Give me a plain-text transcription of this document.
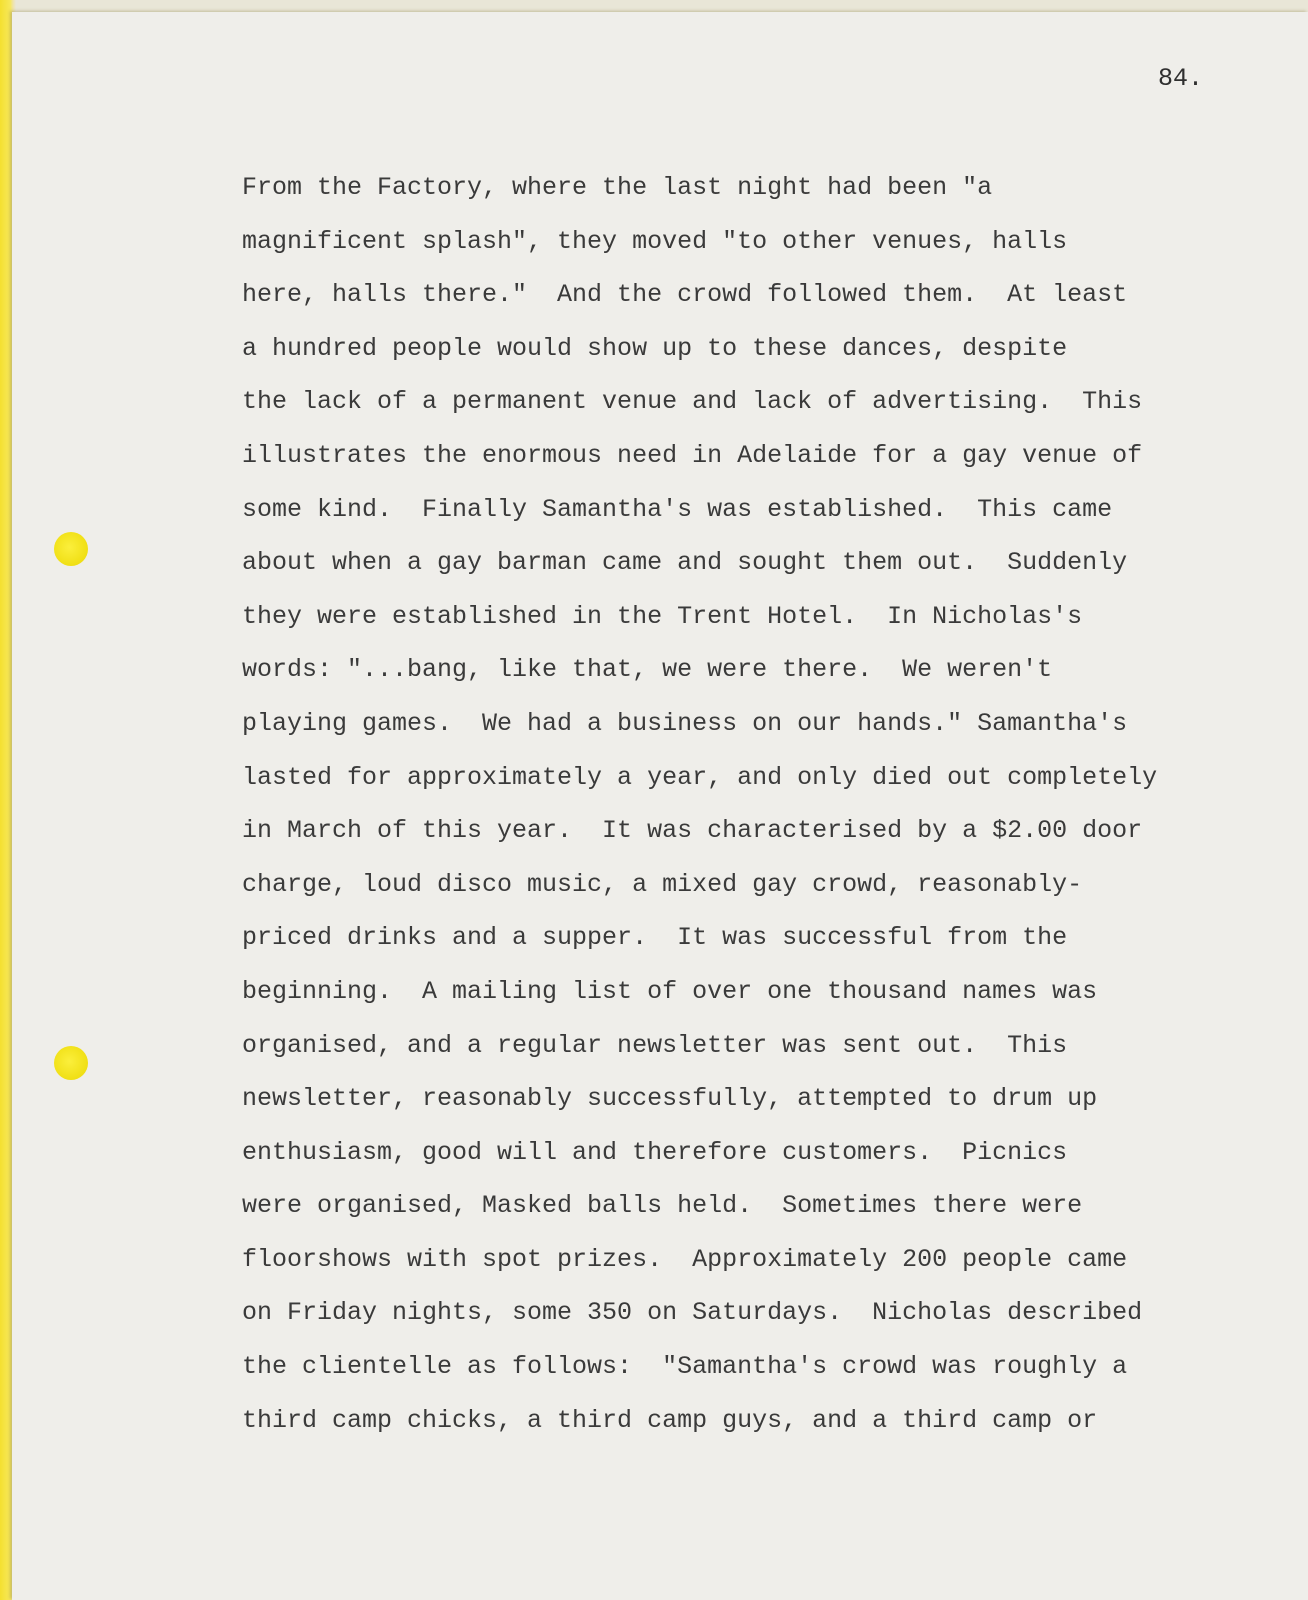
84.

From the Factory, where the last night had been "a
magnificent splash", they moved "to other venues, halls
here, halls there."  And the crowd followed them.  At least
a hundred people would show up to these dances, despite
the lack of a permanent venue and lack of advertising.  This
illustrates the enormous need in Adelaide for a gay venue of
some kind.  Finally Samantha's was established.  This came
about when a gay barman came and sought them out.  Suddenly
they were established in the Trent Hotel.  In Nicholas's
words: "...bang, like that, we were there.  We weren't
playing games.  We had a business on our hands." Samantha's
lasted for approximately a year, and only died out completely
in March of this year.  It was characterised by a $2.00 door
charge, loud disco music, a mixed gay crowd, reasonably-
priced drinks and a supper.  It was successful from the
beginning.  A mailing list of over one thousand names was
organised, and a regular newsletter was sent out.  This
newsletter, reasonably successfully, attempted to drum up
enthusiasm, good will and therefore customers.  Picnics
were organised, Masked balls held.  Sometimes there were
floorshows with spot prizes.  Approximately 200 people came
on Friday nights, some 350 on Saturdays.  Nicholas described
the clientelle as follows:  "Samantha's crowd was roughly a
third camp chicks, a third camp guys, and a third camp or
